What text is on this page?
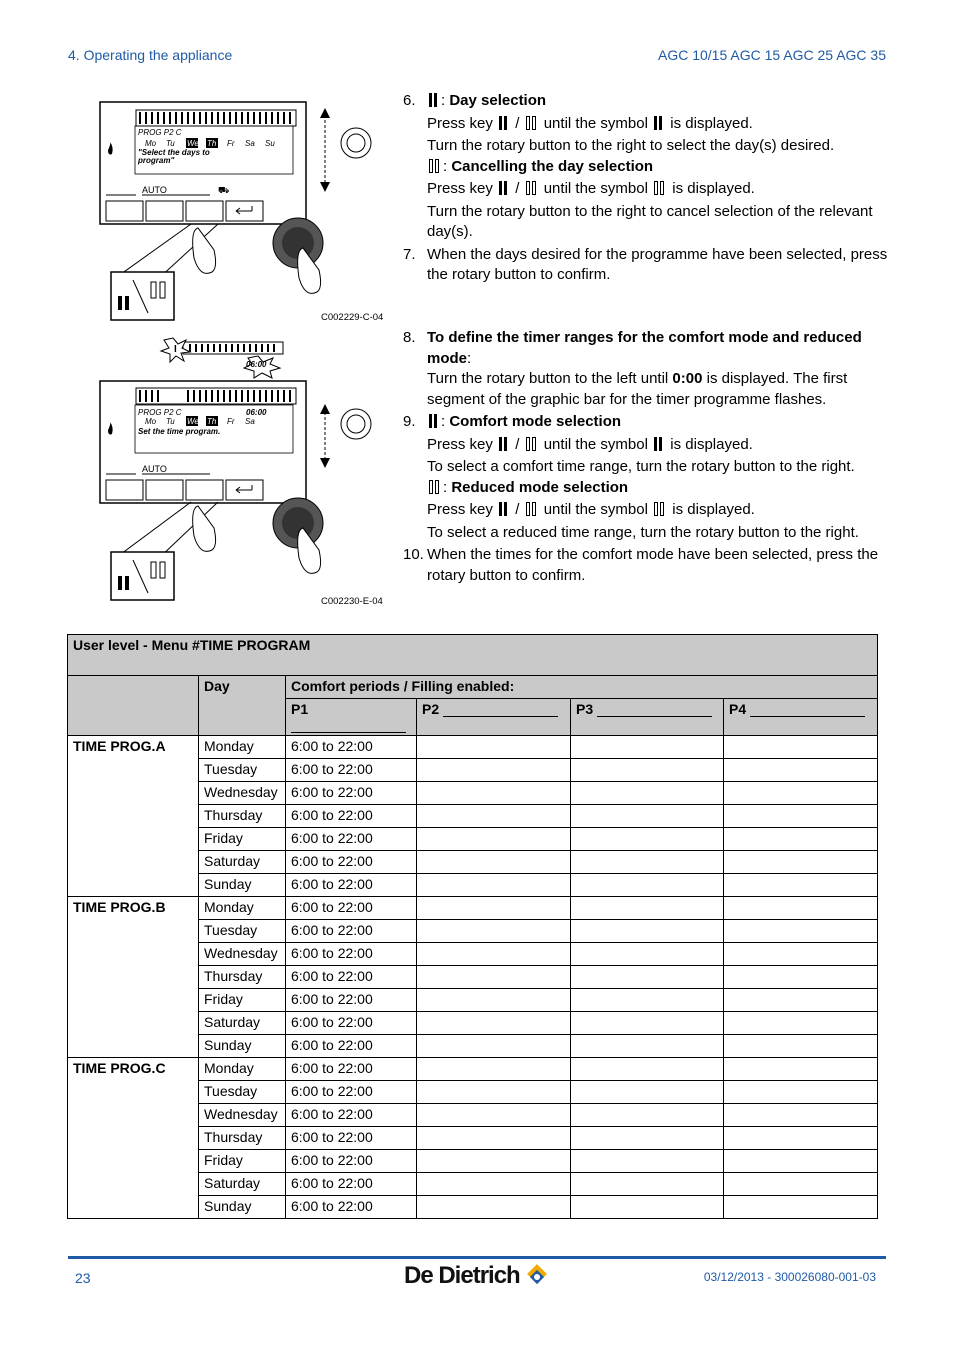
4. Operating the appliance	AGC 10/15 AGC 15 AGC 25 AGC 35
PROG P2 C
Mo Tu We Th Fr Sa Su
"Select the days to
program"
AUTO	⛟
C002229-C-04
I
06:00
PROG P2 C	06:00
Mo Tu We Th Fr Sa
Set the time program.
AUTO
C002230-E-04
6.	: Day selection
Press key / until the symbol is displayed.
Turn the rotary button to the right to select the day(s) desired.
: Cancelling the day selection
Press key / until the symbol is displayed.
Turn the rotary button to the right to cancel selection of the relevant day(s).
7. When the days desired for the programme have been selected, press the rotary button to confirm.
8. To define the timer ranges for the comfort mode and reduced mode:
Turn the rotary button to the left until 0:00 is displayed. The first segment of the graphic bar for the timer programme flashes.
9.	: Comfort mode selection
Press key / until the symbol is displayed.
To select a comfort time range, turn the rotary button to the right.
: Reduced mode selection
Press key / until the symbol is displayed.
To select a reduced time range, turn the rotary button to the right.
10. When the times for the comfort mode have been selected, press the rotary button to confirm.
User level - Menu #TIME PROGRAM					
	Day	Comfort periods / Filling enabled:			
		P1	P2	P3	P4
TIME PROG.A	Monday	6:00 to 22:00			
	Tuesday	6:00 to 22:00			
	Wednesday	6:00 to 22:00			
	Thursday	6:00 to 22:00			
	Friday	6:00 to 22:00			
	Saturday	6:00 to 22:00			
	Sunday	6:00 to 22:00			
TIME PROG.B	Monday	6:00 to 22:00			
	Tuesday	6:00 to 22:00			
	Wednesday	6:00 to 22:00			
	Thursday	6:00 to 22:00			
	Friday	6:00 to 22:00			
	Saturday	6:00 to 22:00			
	Sunday	6:00 to 22:00			
TIME PROG.C	Monday	6:00 to 22:00			
	Tuesday	6:00 to 22:00			
	Wednesday	6:00 to 22:00			
	Thursday	6:00 to 22:00			
	Friday	6:00 to 22:00			
	Saturday	6:00 to 22:00			
	Sunday	6:00 to 22:00			
23	De Dietrich	03/12/2013 - 300026080-001-03
